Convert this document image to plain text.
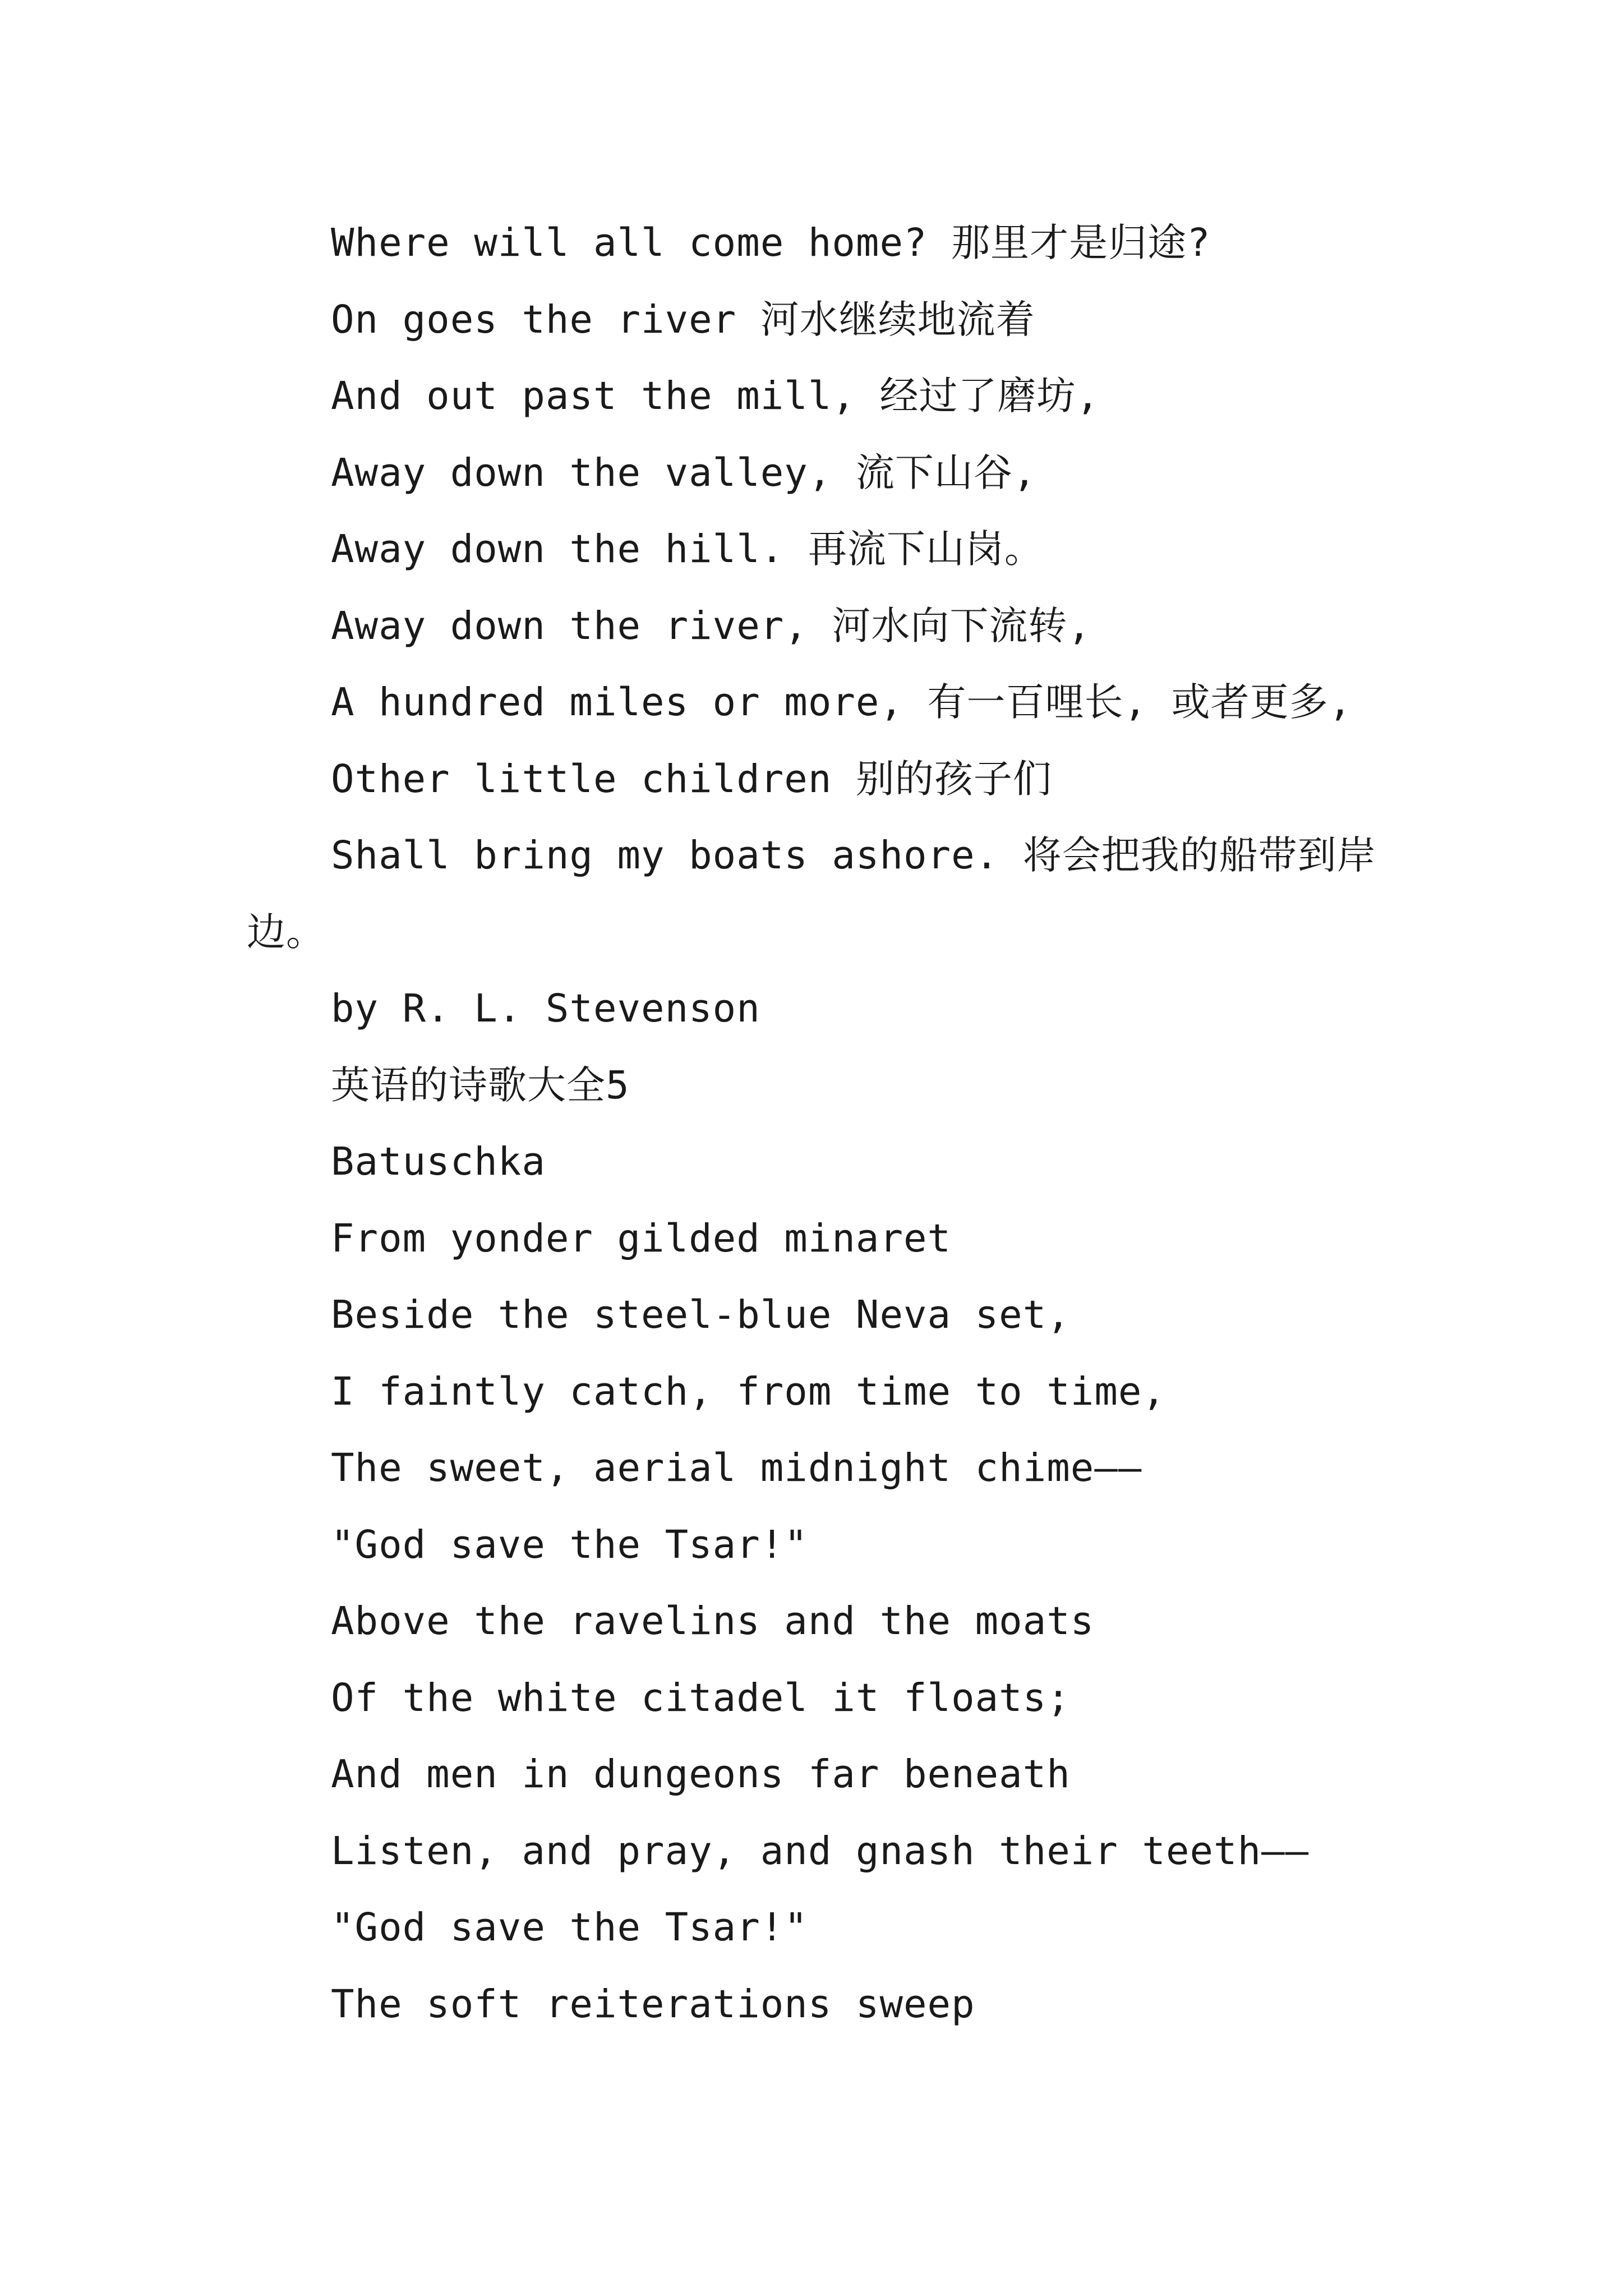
Where will all come home? 那里才是归途?
On goes the river 河水继续地流着
And out past the mill, 经过了磨坊,
Away down the valley, 流下山谷,
Away down the hill. 再流下山岗。
Away down the river, 河水向下流转,
A hundred miles or more, 有一百哩长, 或者更多,
Other little children 别的孩子们
Shall bring my boats ashore. 将会把我的船带到岸
边。
by R. L. Stevenson
英语的诗歌大全5
Batuschka
From yonder gilded minaret
Beside the steel-blue Neva set,
I faintly catch, from time to time,
The sweet, aerial midnight chime——
"God save the Tsar!"
Above the ravelins and the moats
Of the white citadel it floats;
And men in dungeons far beneath
Listen, and pray, and gnash their teeth——
"God save the Tsar!"
The soft reiterations sweep
